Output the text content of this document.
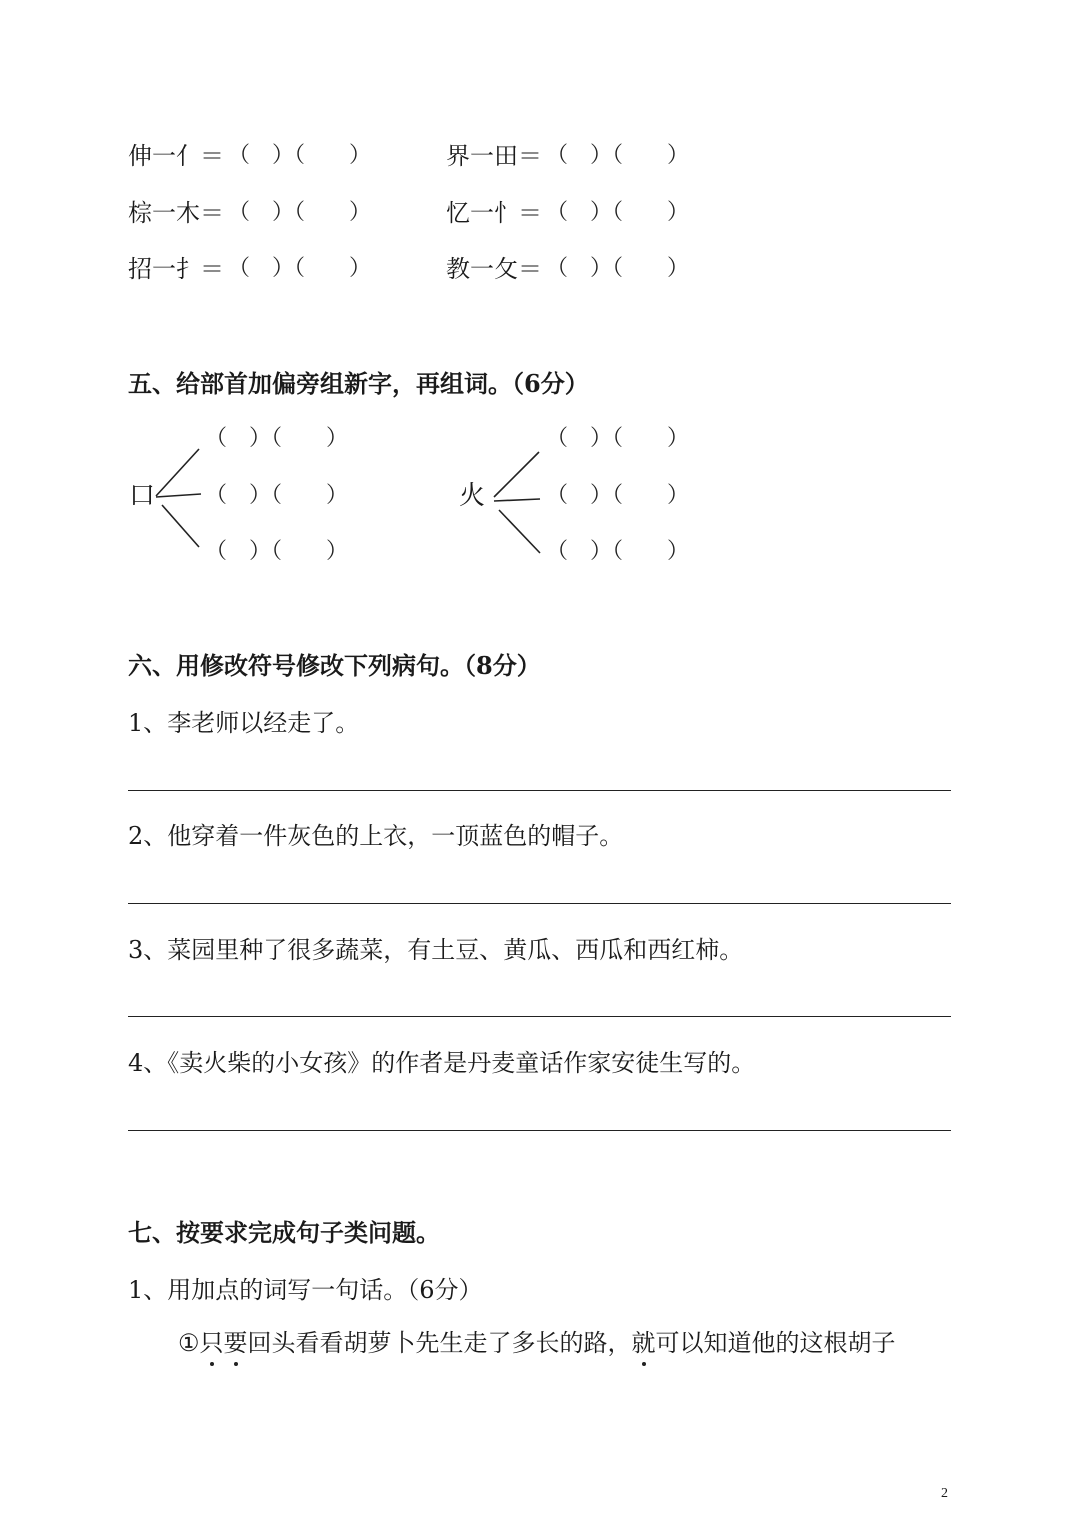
伸一亻＝ （　）（　　）	界一田＝ （　）（　　）
棕一木＝ （　）（　　）	忆一忄＝ （　）（　　）
招一扌＝ （　）（　　）	教一攵＝ （　）（　　）
五、给部首加偏旁组新字，再组词。（6分）
口
（　）（　　）
（　）（　　）
（　）（　　）
火
（　）（　　）
（　）（　　）
（　）（　　）
六、用修改符号修改下列病句。（8分）
1、李老师以经走了。
2、他穿着一件灰色的上衣，一顶蓝色的帽子。
3、菜园里种了很多蔬菜，有土豆、黄瓜、西瓜和西红柿。
4、《卖火柴的小女孩》的作者是丹麦童话作家安徒生写的。
七、按要求完成句子类问题。
1、用加点的词写一句话。（6分）
①只要回头看看胡萝卜先生走了多长的路，就可以知道他的这根胡子
2
